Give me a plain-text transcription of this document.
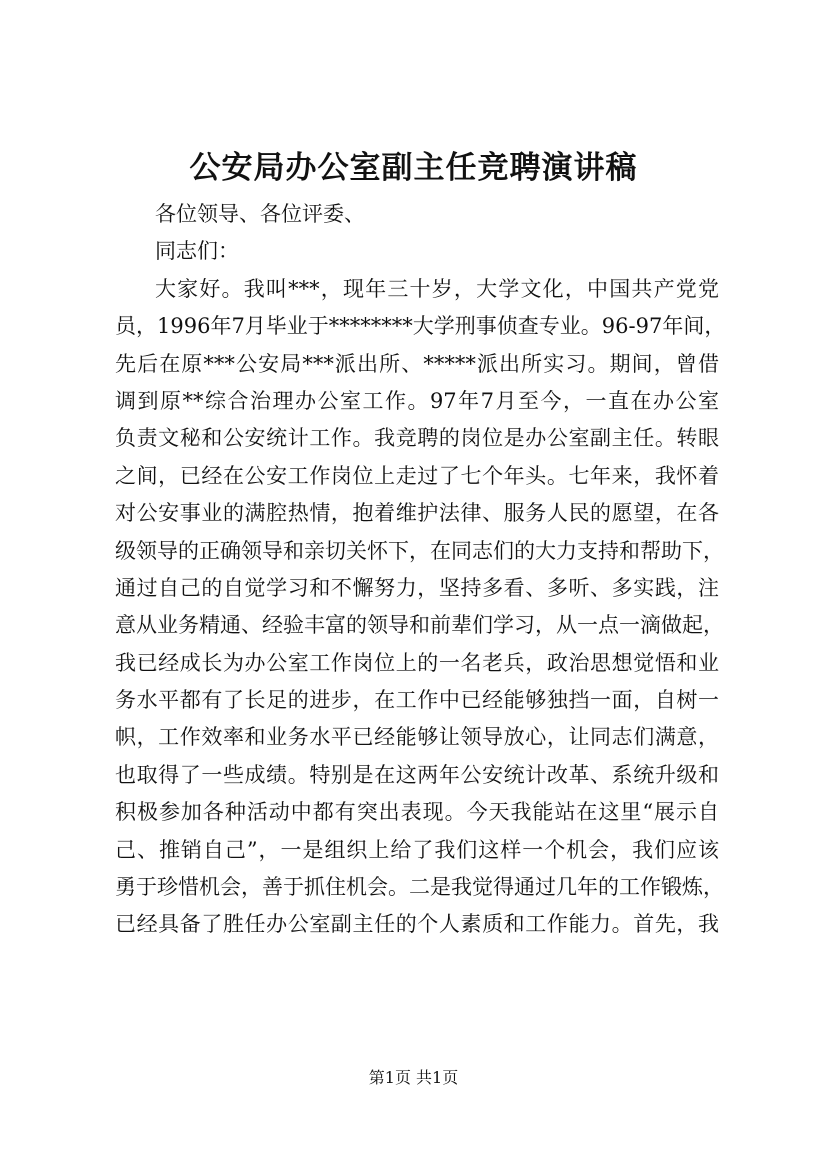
公安局办公室副主任竞聘演讲稿
各位领导、各位评委、
同志们：
大家好。我叫***，现年三十岁，大学文化，中国共产党党
员，1996年7月毕业于********大学刑事侦查专业。96-97年间，
先后在原***公安局***派出所、*****派出所实习。期间，曾借
调到原**综合治理办公室工作。97年7月至今，一直在办公室
负责文秘和公安统计工作。我竞聘的岗位是办公室副主任。转眼
之间，已经在公安工作岗位上走过了七个年头。七年来，我怀着
对公安事业的满腔热情，抱着维护法律、服务人民的愿望，在各
级领导的正确领导和亲切关怀下，在同志们的大力支持和帮助下，
通过自己的自觉学习和不懈努力，坚持多看、多听、多实践，注
意从业务精通、经验丰富的领导和前辈们学习，从一点一滴做起，
我已经成长为办公室工作岗位上的一名老兵，政治思想觉悟和业
务水平都有了长足的进步，在工作中已经能够独挡一面，自树一
帜，工作效率和业务水平已经能够让领导放心，让同志们满意，
也取得了一些成绩。特别是在这两年公安统计改革、系统升级和
积极参加各种活动中都有突出表现。今天我能站在这里“展示自
己、推销自己”，一是组织上给了我们这样一个机会，我们应该
勇于珍惜机会，善于抓住机会。二是我觉得通过几年的工作锻炼，
已经具备了胜任办公室副主任的个人素质和工作能力。首先，我
第1页 共1页
